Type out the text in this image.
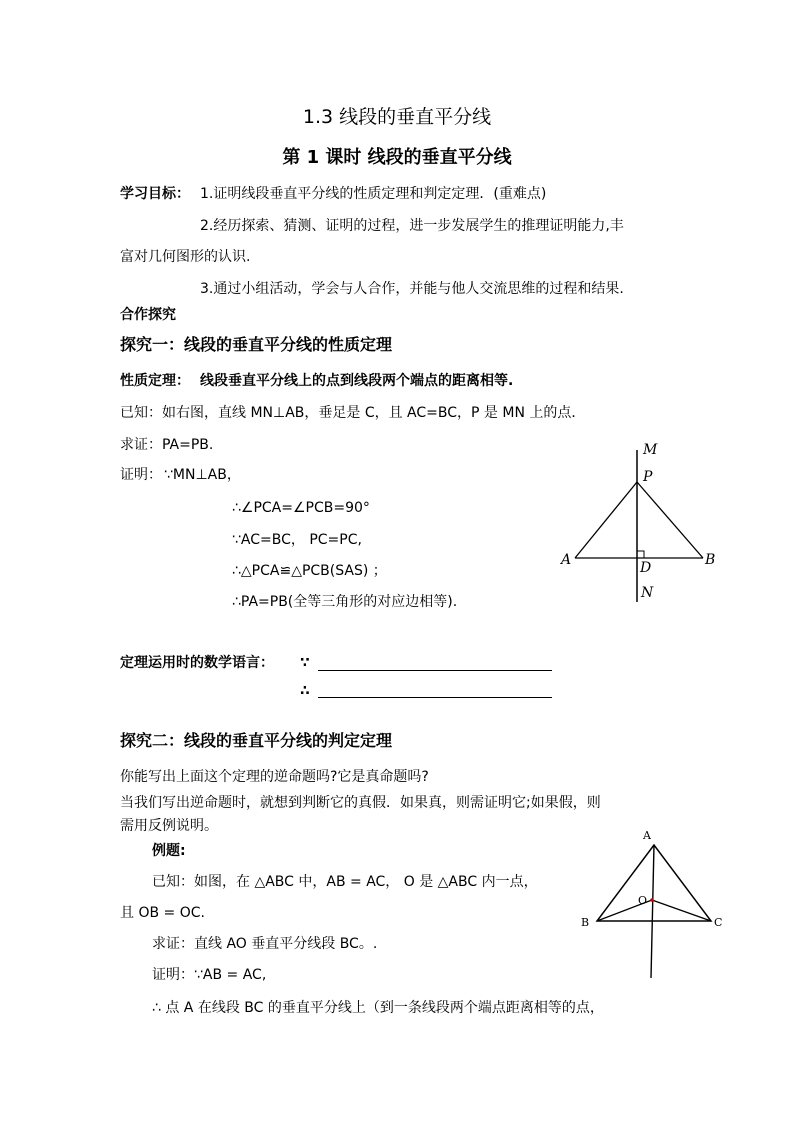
1.3 线段的垂直平分线
第 1 课时 线段的垂直平分线
学习目标： 1.证明线段垂直平分线的性质定理和判定定理．(重难点)
2.经历探索、猜测、证明的过程，进一步发展学生的推理证明能力,丰
富对几何图形的认识.
3.通过小组活动，学会与人合作，并能与他人交流思维的过程和结果.
合作探究
探究一：线段的垂直平分线的性质定理
性质定理： 线段垂直平分线上的点到线段两个端点的距离相等.
已知：如右图，直线 MN⊥AB，垂足是 C，且 AC=BC，P 是 MN 上的点．
求证：PA=PB.
证明： ∵MN⊥AB，
∴∠PCA=∠PCB=90°
∵AC=BC， PC=PC,
∴△PCA≌△PCB(SAS) ；
∴PA=PB(全等三角形的对应边相等).
M
P
A	B
D
N
定理运用时的数学语言： ∵
∴
探究二：线段的垂直平分线的判定定理
你能写出上面这个定理的逆命题吗?它是真命题吗?
当我们写出逆命题时，就想到判断它的真假．如果真，则需证明它;如果假，则
需用反例说明。
例题:
已知：如图，在 △ABC 中，AB = AC， O 是 △ABC 内一点，
且 OB = OC.
求证：直线 AO 垂直平分线段 BC。.
证明：∵AB = AC,
∴ 点 A 在线段 BC 的垂直平分线上（到一条线段两个端点距离相等的点，
A
B	C
O
